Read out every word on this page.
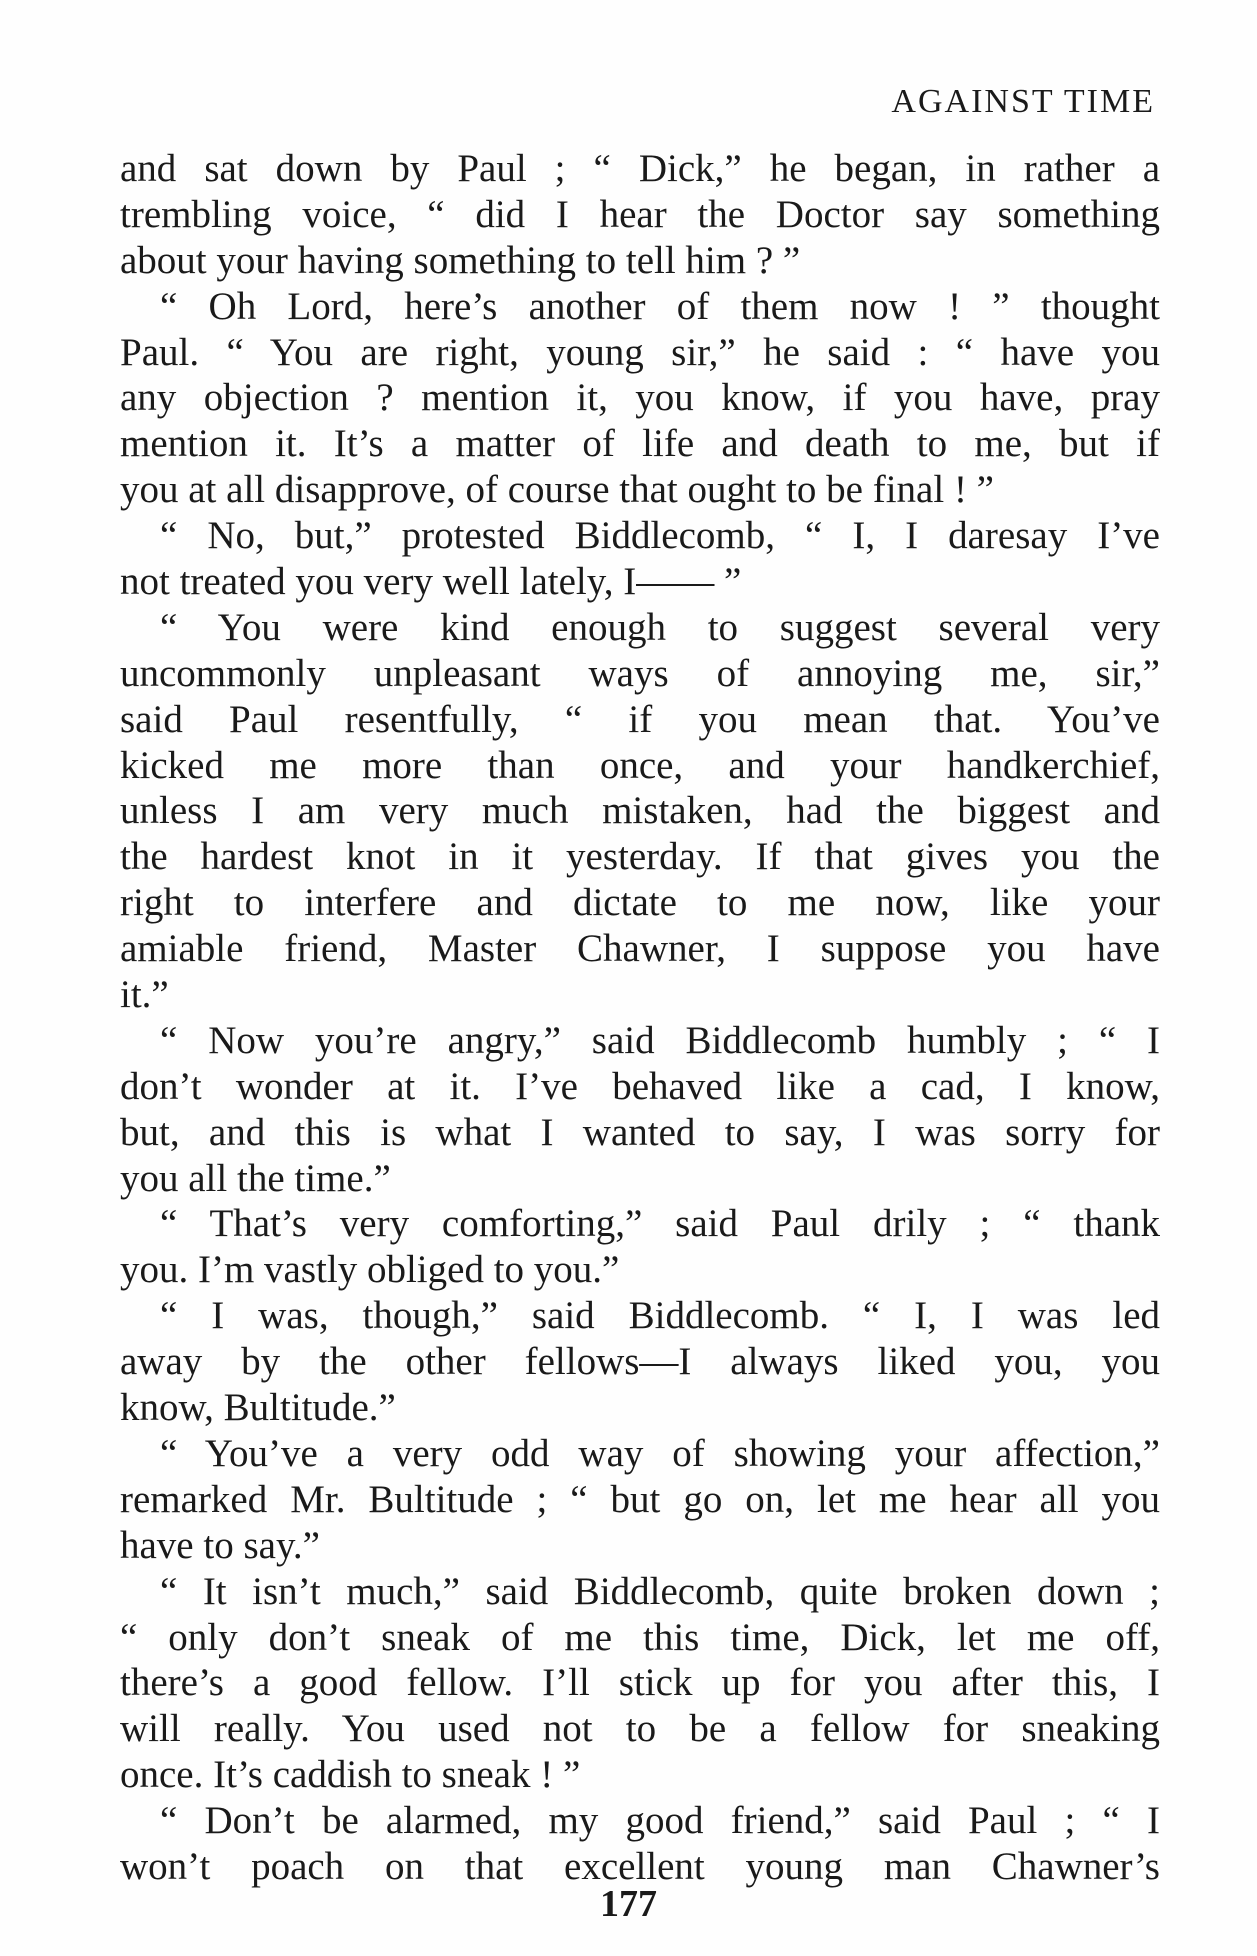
AGAINST TIME
and sat down by Paul ; “ Dick,” he began, in rather a
trembling voice, “ did I hear the Doctor say something
about your having something to tell him ? ”
“ Oh Lord, here’s another of them now ! ” thought
Paul. “ You are right, young sir,” he said : “ have you
any objection ? mention it, you know, if you have, pray
mention it. It’s a matter of life and death to me, but if
you at all disapprove, of course that ought to be final ! ”
“ No, but,” protested Biddlecomb, “ I, I daresay I’ve
not treated you very well lately, I—— ”
“ You were kind enough to suggest several very
uncommonly unpleasant ways of annoying me, sir,”
said Paul resentfully, “ if you mean that. You’ve
kicked me more than once, and your handkerchief,
unless I am very much mistaken, had the biggest and
the hardest knot in it yesterday. If that gives you the
right to interfere and dictate to me now, like your
amiable friend, Master Chawner, I suppose you have
it.”
“ Now you’re angry,” said Biddlecomb humbly ; “ I
don’t wonder at it. I’ve behaved like a cad, I know,
but, and this is what I wanted to say, I was sorry for
you all the time.”
“ That’s very comforting,” said Paul drily ; “ thank
you. I’m vastly obliged to you.”
“ I was, though,” said Biddlecomb. “ I, I was led
away by the other fellows—I always liked you, you
know, Bultitude.”
“ You’ve a very odd way of showing your affection,”
remarked Mr. Bultitude ; “ but go on, let me hear all you
have to say.”
“ It isn’t much,” said Biddlecomb, quite broken down ;
“ only don’t sneak of me this time, Dick, let me off,
there’s a good fellow. I’ll stick up for you after this, I
will really. You used not to be a fellow for sneaking
once. It’s caddish to sneak ! ”
“ Don’t be alarmed, my good friend,” said Paul ; “ I
won’t poach on that excellent young man Chawner’s
177
